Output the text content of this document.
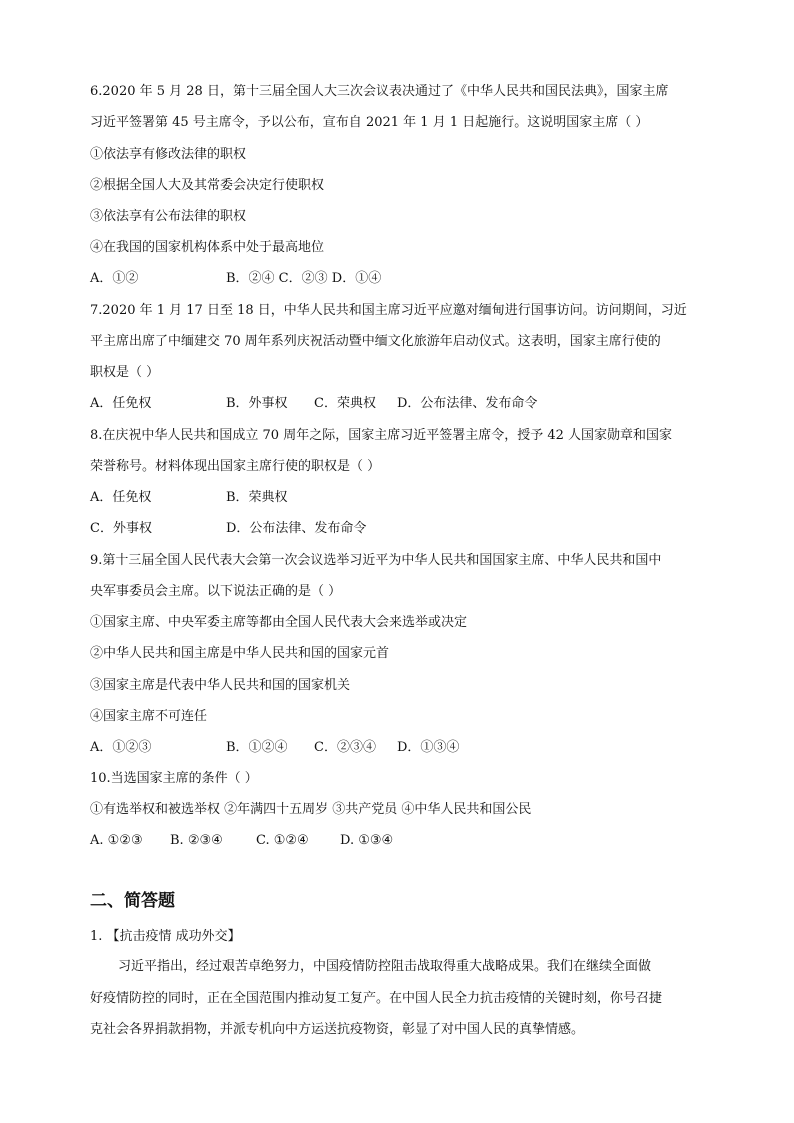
6.2020 年 5 月 28 日，第十三届全国人大三次会议表决通过了《中华人民共和国民法典》，国家主席
习近平签署第 45 号主席令，予以公布，宣布自 2021 年 1 月 1 日起施行。这说明国家主席（ ）
①依法享有修改法律的职权
②根据全国人大及其常委会决定行使职权
③依法享有公布法律的职权
④在我国的国家机构体系中处于最高地位
A．①②	B．②④ C．②③ D．①④
7.2020 年 1 月 17 日至 18 日，中华人民共和国主席习近平应邀对缅甸进行国事访问。访问期间，习近
平主席出席了中缅建交 70 周年系列庆祝活动暨中缅文化旅游年启动仪式。这表明，国家主席行使的
职权是（ ）
A．任免权	B．外事权 C．荣典权 D．公布法律、发布命令
8.在庆祝中华人民共和国成立 70 周年之际，国家主席习近平签署主席令，授予 42 人国家勋章和国家
荣誉称号。材料体现出国家主席行使的职权是（ ）
A．任免权	B．荣典权
C．外事权	D．公布法律、发布命令
9.第十三届全国人民代表大会第一次会议选举习近平为中华人民共和国国家主席、中华人民共和国中
央军事委员会主席。以下说法正确的是（ ）
①国家主席、中央军委主席等都由全国人民代表大会来选举或决定
②中华人民共和国主席是中华人民共和国的国家元首
③国家主席是代表中华人民共和国的国家机关
④国家主席不可连任
A．①②③	B．①②④ C．②③④ D．①③④
10.当选国家主席的条件（ ）
①有选举权和被选举权 ②年满四十五周岁 ③共产党员 ④中华人民共和国公民
A. ①②③ B. ②③④	C. ①②④ D. ①③④
二、简答题
1. 【抗击疫情 成功外交】
习近平指出，经过艰苦卓绝努力，中国疫情防控阻击战取得重大战略成果。我们在继续全面做
好疫情防控的同时，正在全国范围内推动复工复产。在中国人民全力抗击疫情的关键时刻，你号召捷
克社会各界捐款捐物，并派专机向中方运送抗疫物资，彰显了对中国人民的真挚情感。
